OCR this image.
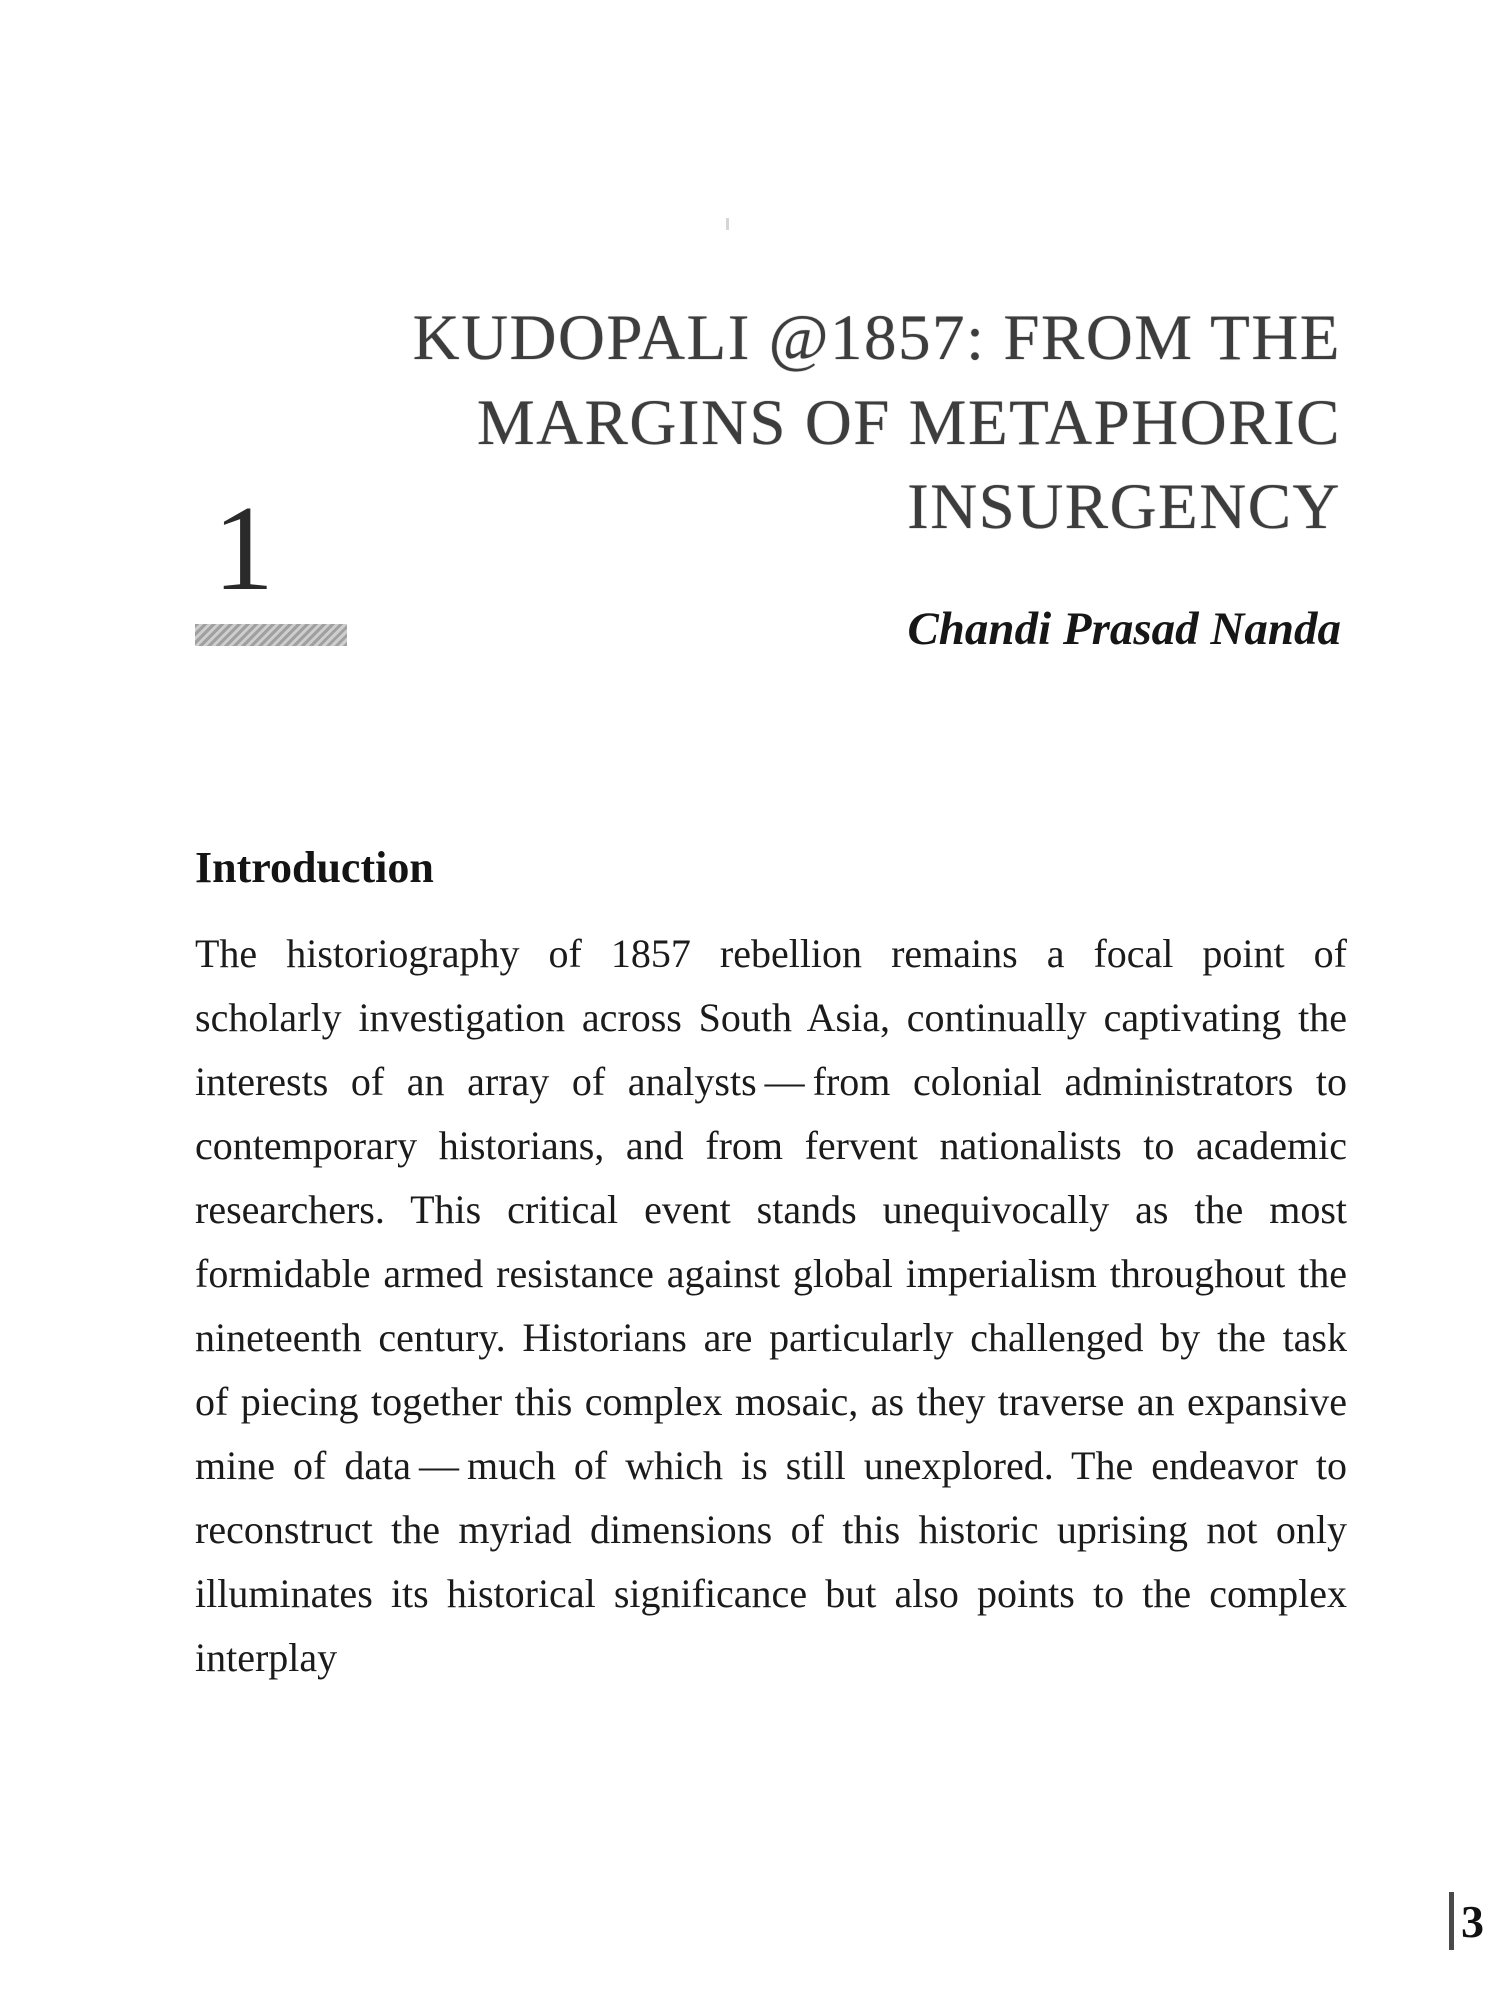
1
KUDOPALI @1857: FROM THE
MARGINS OF METAPHORIC
INSURGENCY
Chandi Prasad Nanda
Introduction

The historiography of 1857 rebellion remains a focal point of scholarly investigation across South Asia, continually captivating the interests of an array of analysts — from colonial administrators to contemporary historians, and from fervent nationalists to academic researchers. This critical event stands unequivocally as the most formidable armed resistance against global imperialism throughout the nineteenth century. Historians are particularly challenged by the task of piecing together this complex mosaic, as they traverse an expansive mine of data — much of which is still unexplored. The endeavor to reconstruct the myriad dimensions of this historic uprising not only illuminates its historical significance but also points to the complex interplay

3
